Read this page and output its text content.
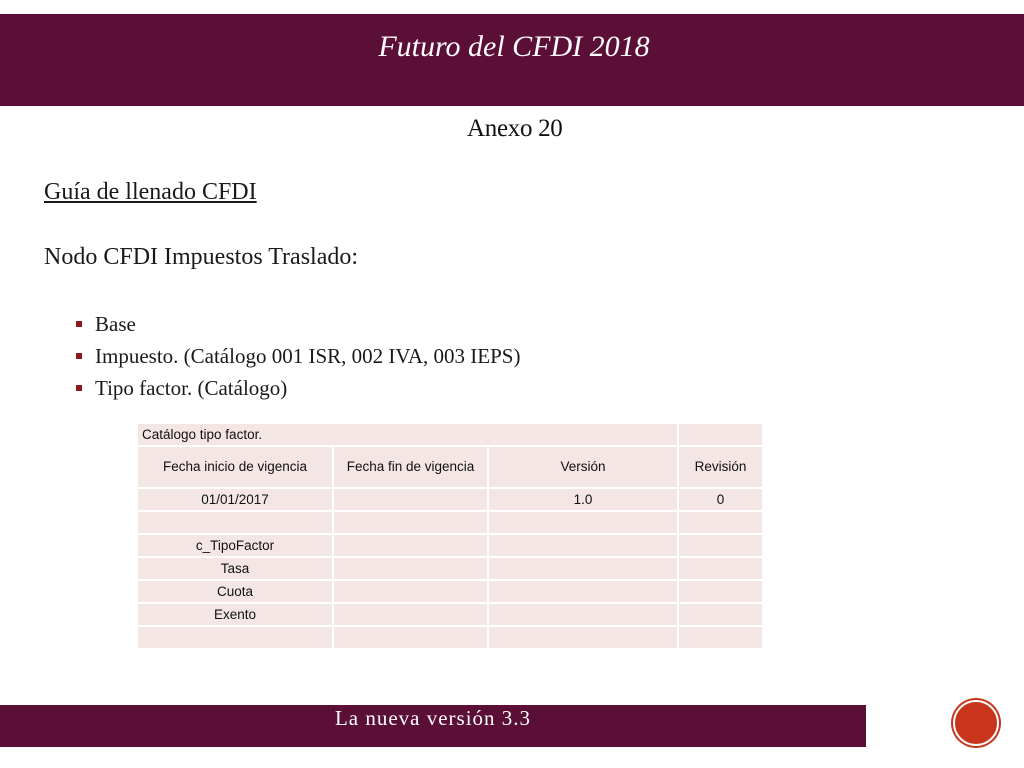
Futuro del CFDI 2018
Anexo 20
Guía de llenado CFDI
Nodo CFDI Impuestos Traslado:
Base
Impuesto. (Catálogo 001 ISR, 002 IVA, 003 IEPS)
Tipo factor. (Catálogo)
Catálogo tipo factor.			
Fecha inicio de vigencia	Fecha fin de vigencia	Versión	Revisión
01/01/2017		1.0	0

c_TipoFactor			
Tasa			
Cuota			
Exento			

La nueva versión 3.3
